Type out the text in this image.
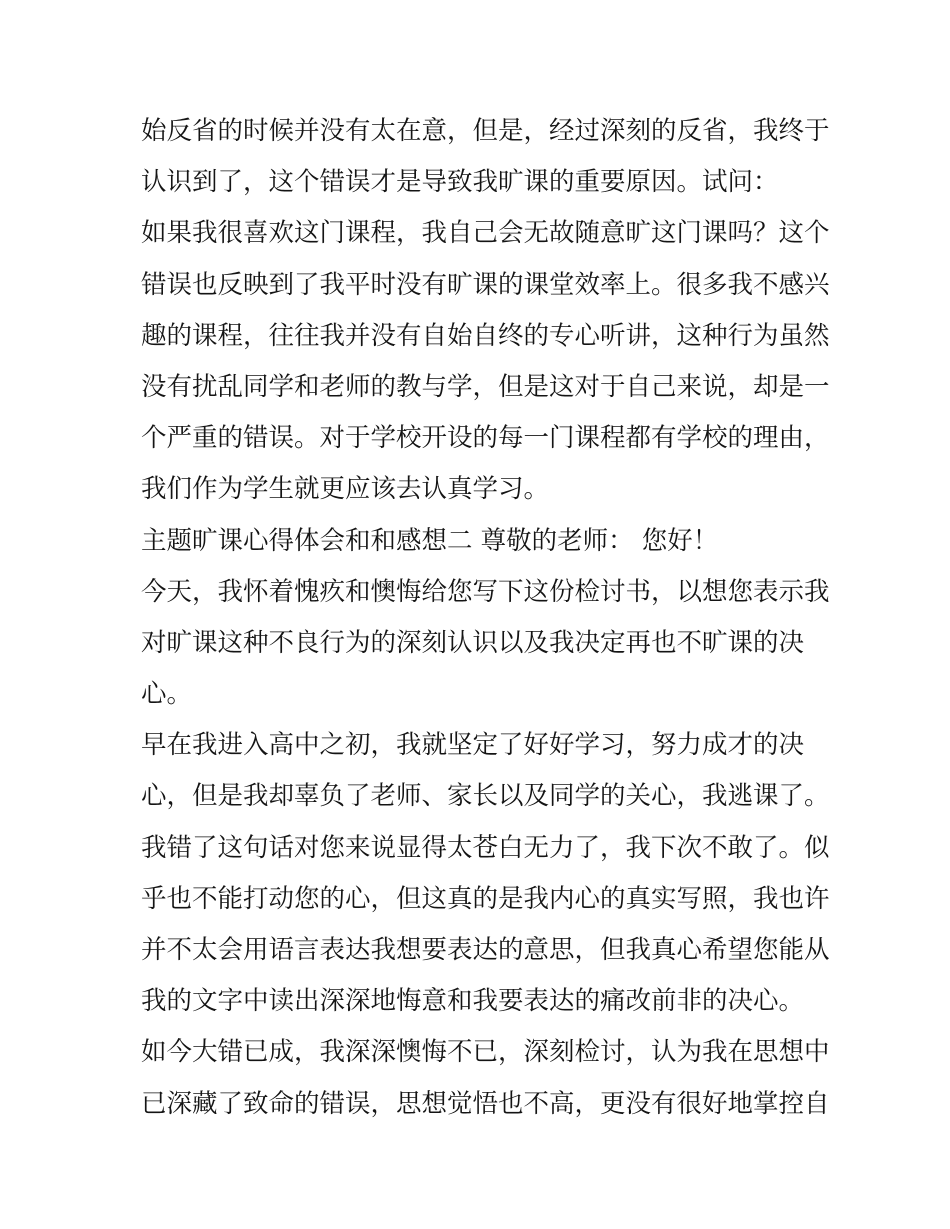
始反省的时候并没有太在意，但是，经过深刻的反省，我终于
认识到了，这个错误才是导致我旷课的重要原因。试问：
如果我很喜欢这门课程，我自己会无故随意旷这门课吗？这个
错误也反映到了我平时没有旷课的课堂效率上。很多我不感兴
趣的课程，往往我并没有自始自终的专心听讲，这种行为虽然
没有扰乱同学和老师的教与学，但是这对于自己来说，却是一
个严重的错误。对于学校开设的每一门课程都有学校的理由，
我们作为学生就更应该去认真学习。
主题旷课心得体会和和感想二 尊敬的老师： 您好！
今天，我怀着愧疚和懊悔给您写下这份检讨书，以想您表示我
对旷课这种不良行为的深刻认识以及我决定再也不旷课的决
心。
早在我进入高中之初，我就坚定了好好学习，努力成才的决
心，但是我却辜负了老师、家长以及同学的关心，我逃课了。
我错了这句话对您来说显得太苍白无力了，我下次不敢了。似
乎也不能打动您的心，但这真的是我内心的真实写照，我也许
并不太会用语言表达我想要表达的意思，但我真心希望您能从
我的文字中读出深深地悔意和我要表达的痛改前非的决心。
如今大错已成，我深深懊悔不已，深刻检讨，认为我在思想中
已深藏了致命的错误，思想觉悟也不高，更没有很好地掌控自
